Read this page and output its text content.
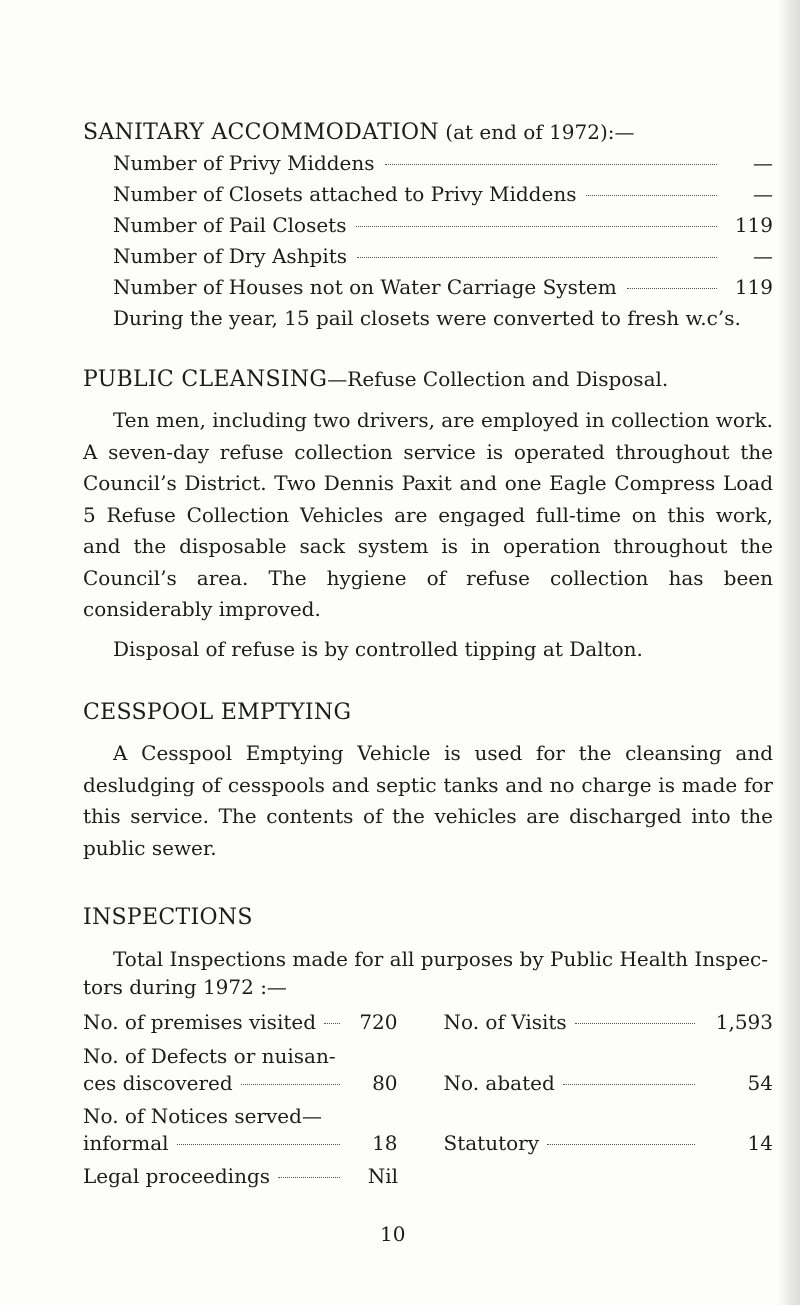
SANITARY ACCOMMODATION (at end of 1972):—
Number of Privy Middens	—
Number of Closets attached to Privy Middens	—
Number of Pail Closets	119
Number of Dry Ashpits	—
Number of Houses not on Water Carriage System	119
During the year, 15 pail closets were converted to fresh w.c’s.
PUBLIC CLEANSING—Refuse Collection and Disposal.

Ten men, including two drivers, are employed in collection work. A seven-day refuse collection service is operated throughout the Council’s District. Two Dennis Paxit and one Eagle Compress Load 5 Refuse Collection Vehicles are engaged full-time on this work, and the disposable sack system is in operation throughout the Council’s area. The hygiene of refuse collection has been considerably improved.

Disposal of refuse is by controlled tipping at Dalton.

CESSPOOL EMPTYING

A Cesspool Emptying Vehicle is used for the cleansing and desludging of cesspools and septic tanks and no charge is made for this service. The contents of the vehicles are discharged into the public sewer.

INSPECTIONS
Total Inspections made for all purposes by Public Health Inspec-
tors during 1972 :—
No. of premises visited	720 No. of Visits	1,593
No. of Defects or nuisan-
ces discovered	80 No. abated	54
No. of Notices served—
informal	18 Statutory	14
Legal proceedings	Nil
10
